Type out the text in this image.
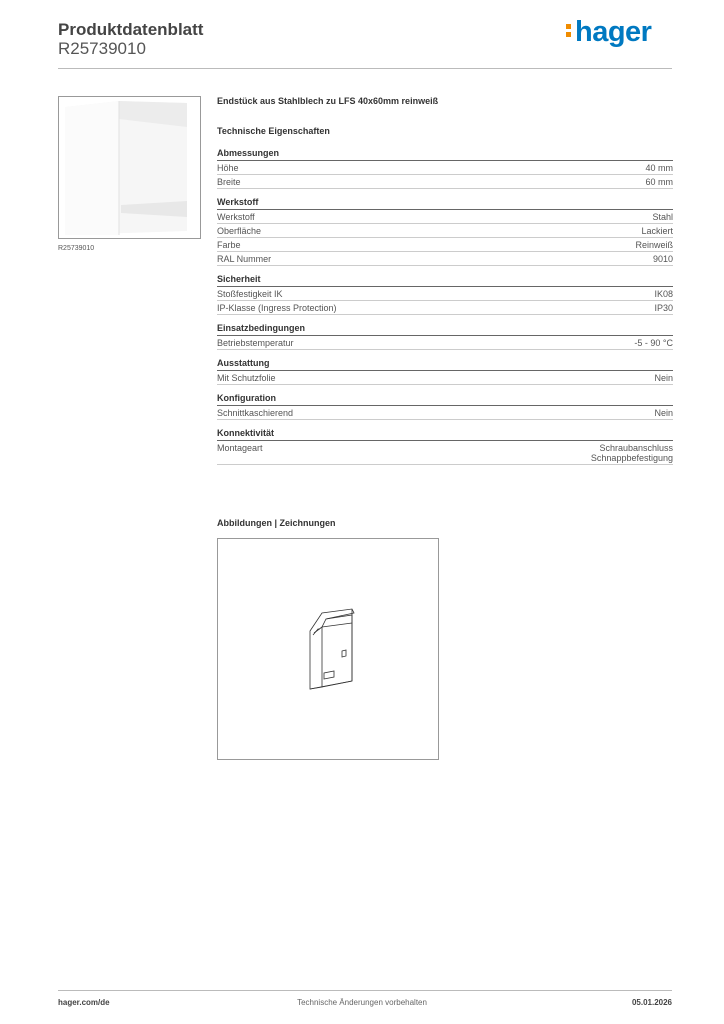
Produktdatenblatt
R25739010
hager
R25739010
Endstück aus Stahlblech zu LFS 40x60mm reinweiß
Technische Eigenschaften
Abmessungen
Höhe	40 mm
Breite	60 mm
Werkstoff
Werkstoff	Stahl
Oberfläche	Lackiert
Farbe	Reinweiß
RAL Nummer	9010
Sicherheit
Stoßfestigkeit IK	IK08
IP-Klasse (Ingress Protection)	IP30
Einsatzbedingungen
Betriebstemperatur	-5 - 90 °C
Ausstattung
Mit Schutzfolie	Nein
Konfiguration
Schnittkaschierend	Nein
Konnektivität
Montageart	Schraubanschluss
Schnappbefestigung
Abbildungen | Zeichnungen
hager.com/de	Technische Änderungen vorbehalten	05.01.2026
